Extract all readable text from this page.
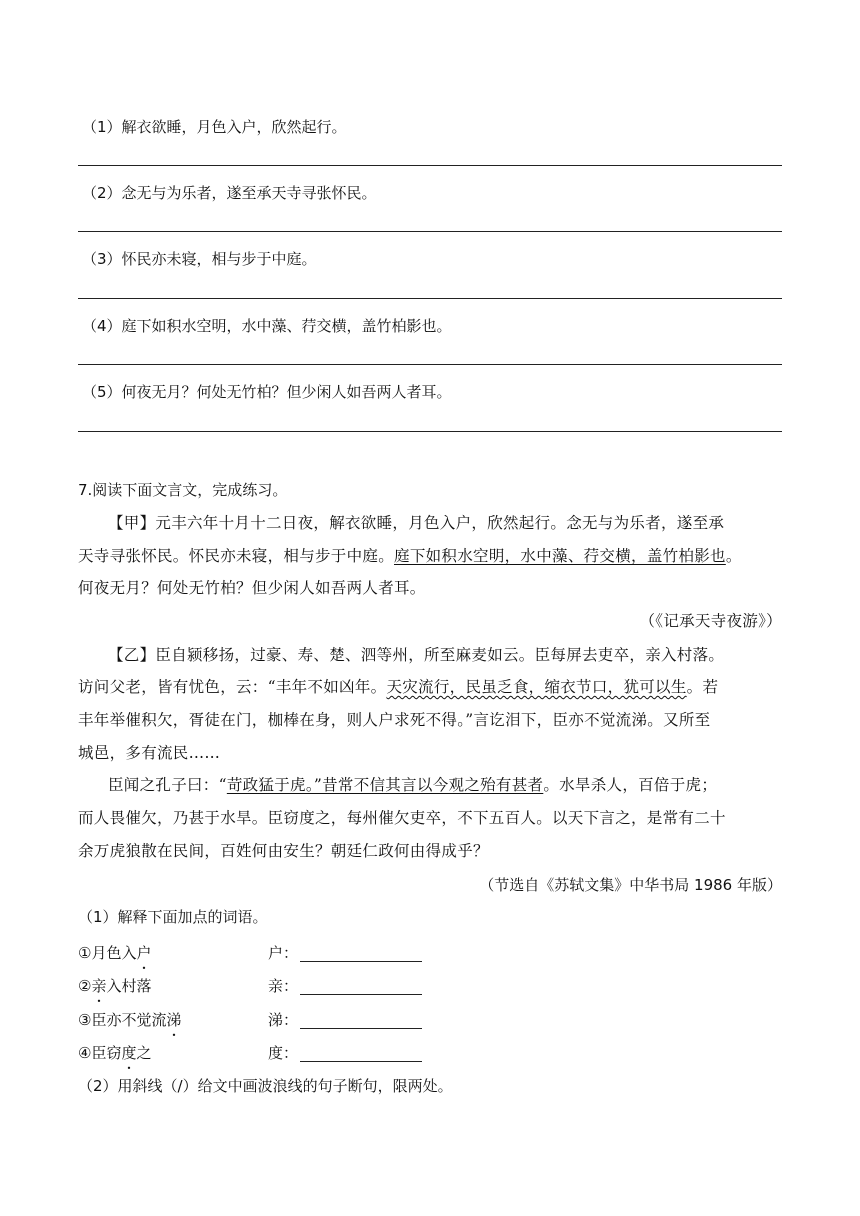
（1）解衣欲睡，月色入户，欣然起行。
（2）念无与为乐者，遂至承天寺寻张怀民。
（3）怀民亦未寝，相与步于中庭。
（4）庭下如积水空明，水中藻、荇交横，盖竹柏影也。
（5）何夜无月？何处无竹柏？但少闲人如吾两人者耳。
7.阅读下面文言文，完成练习。
【甲】元丰六年十月十二日夜，解衣欲睡，月色入户，欣然起行。念无与为乐者，遂至承
天寺寻张怀民。怀民亦未寝，相与步于中庭。庭下如积水空明，水中藻、荇交横，盖竹柏影也。
何夜无月？何处无竹柏？但少闲人如吾两人者耳。
（《记承天寺夜游》）
【乙】臣自颍移扬，过豪、寿、楚、泗等州，所至麻麦如云。臣每屏去吏卒，亲入村落。
访问父老，皆有忧色，云：“丰年不如凶年。天灾流行，民虽乏食，缩衣节口，犹可以生。若
丰年举催积欠，胥徒在门，枷棒在身，则人户求死不得。”言讫泪下，臣亦不觉流涕。又所至
城邑，多有流民……
臣闻之孔子曰：“苛政猛于虎。”昔常不信其言以今观之殆有甚者。水旱杀人，百倍于虎；
而人畏催欠，乃甚于水旱。臣窃度之，每州催欠吏卒，不下五百人。以天下言之，是常有二十
余万虎狼散在民间，百姓何由安生？朝廷仁政何由得成乎？
（节选自《苏轼文集》中华书局 1986 年版）
（1）解释下面加点的词语。
①月色入户	户：
②亲入村落	亲：
③臣亦不觉流涕	涕：
④臣窃度之	度：
（2）用斜线（/）给文中画波浪线的句子断句，限两处。
